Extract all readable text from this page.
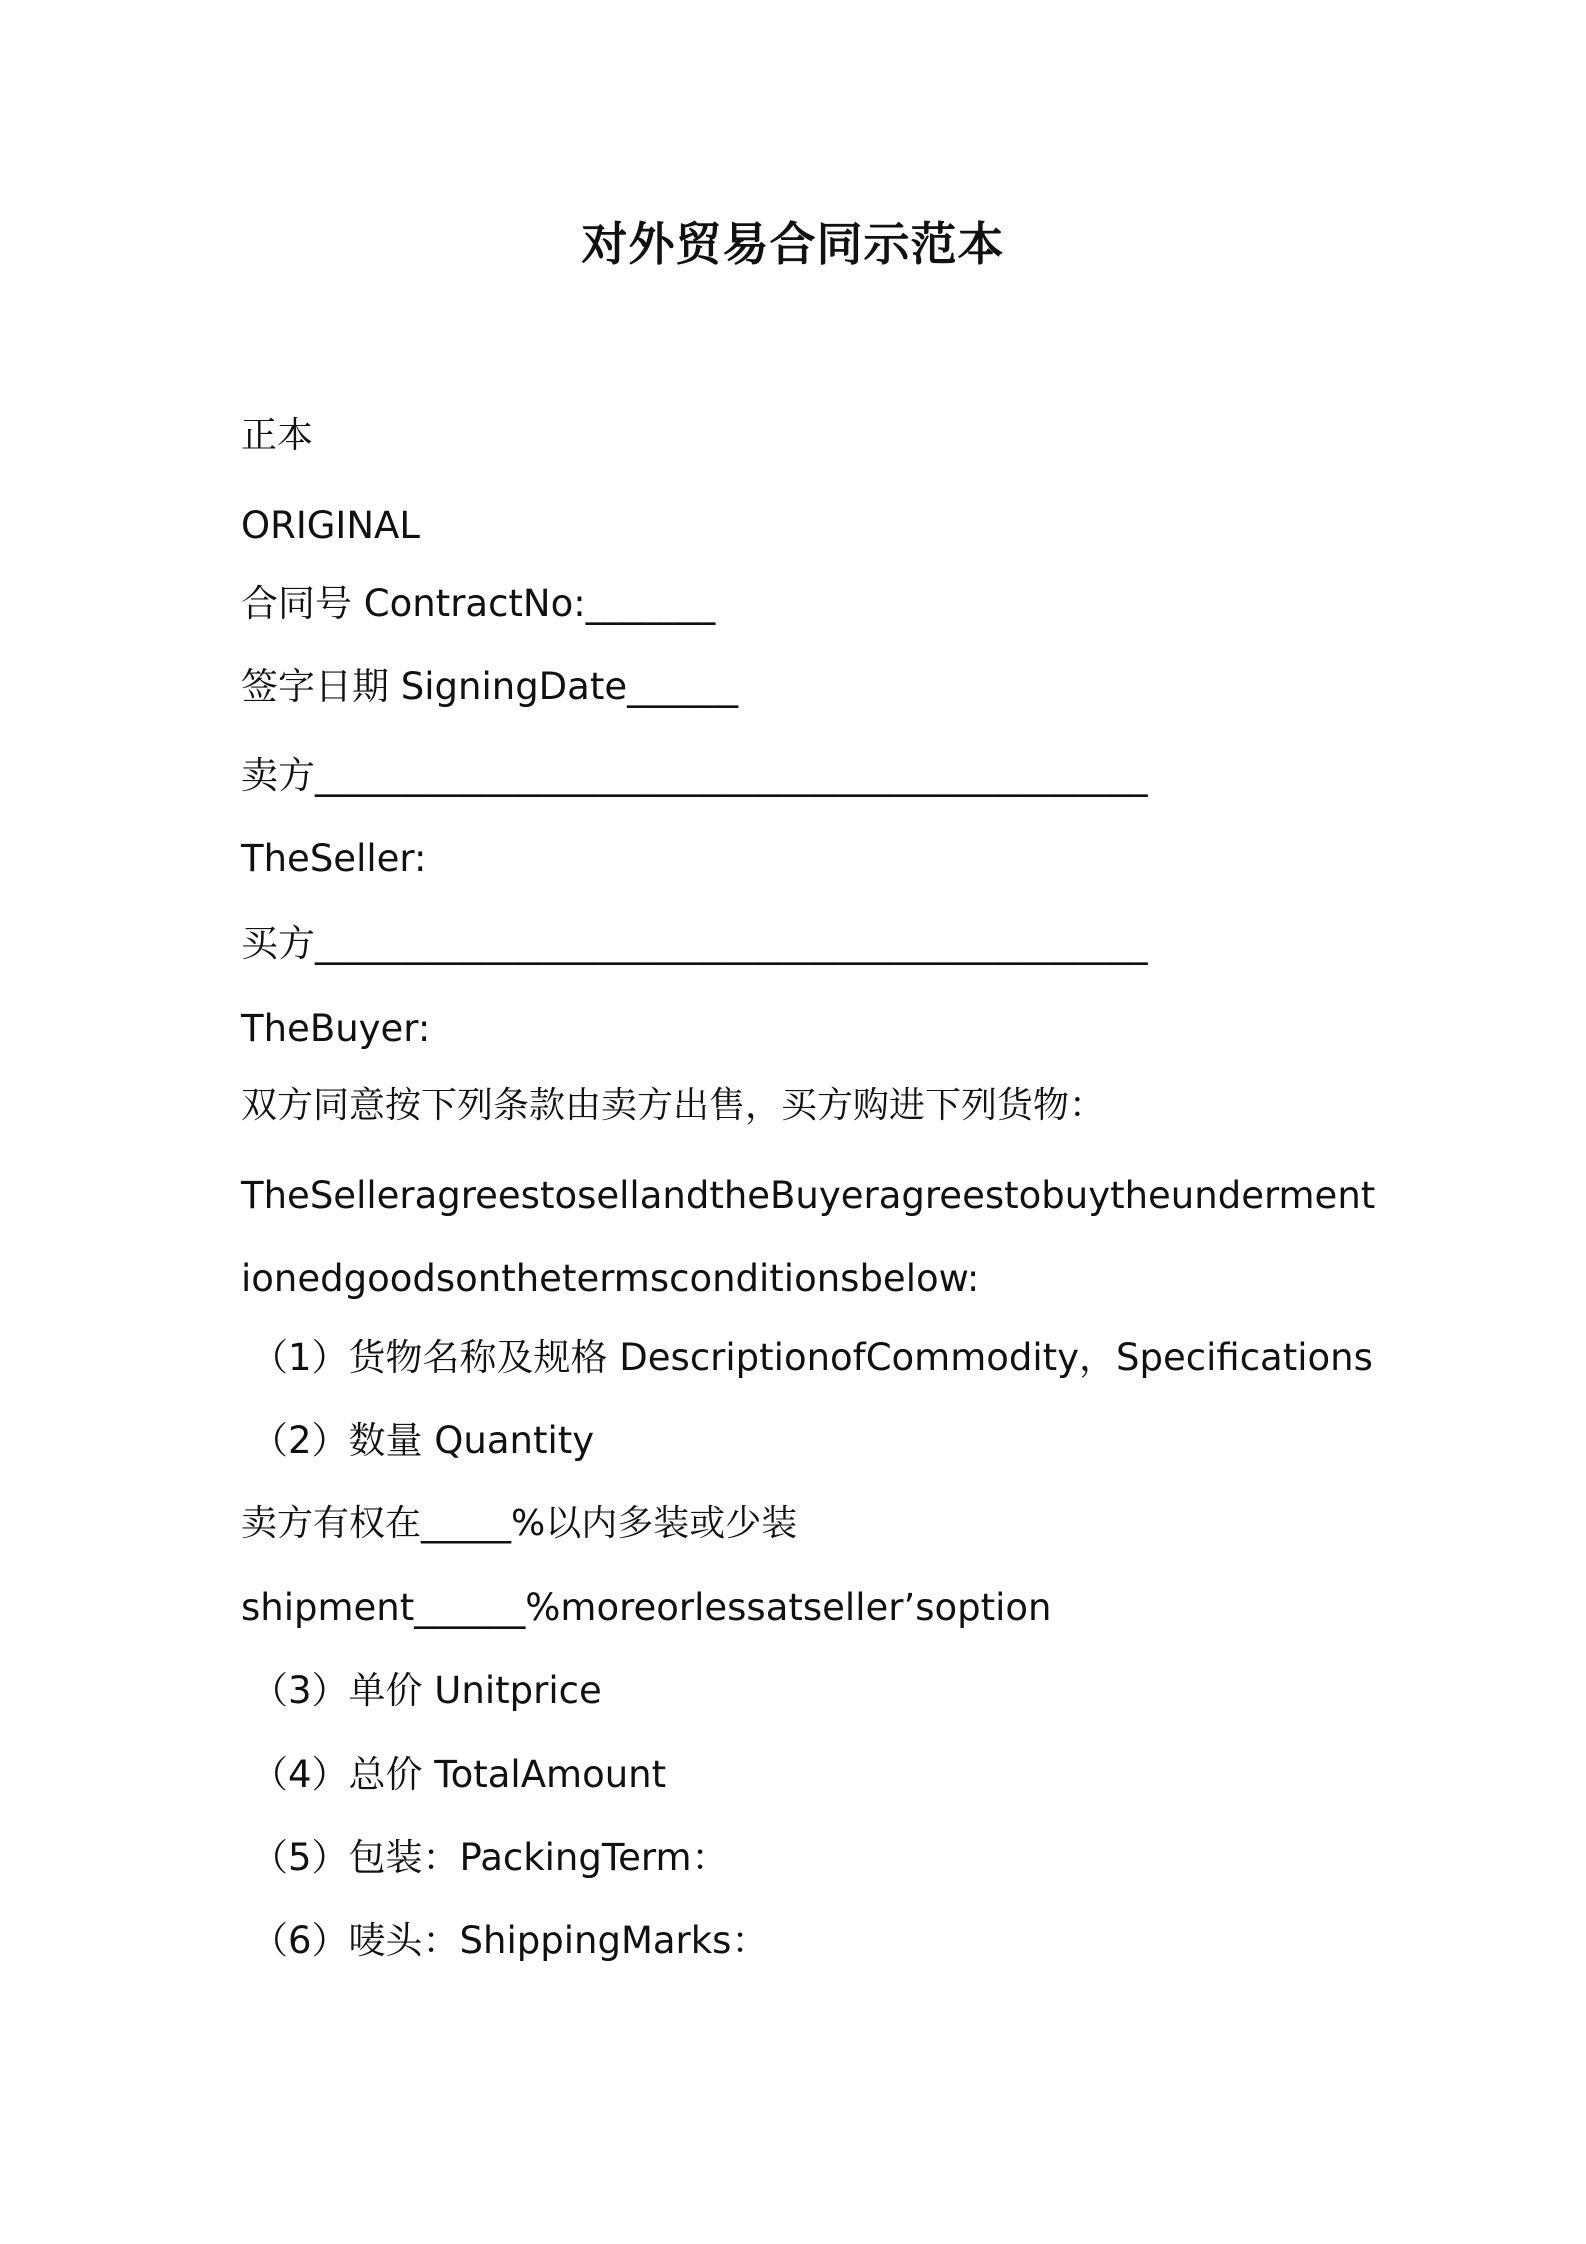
对外贸易合同示范本
正本
ORIGINAL
合同号 ContractNo:_______
签字日期 SigningDate______
卖方_____________________________________________
TheSeller:
买方_____________________________________________
TheBuyer:
双方同意按下列条款由卖方出售，买方购进下列货物：
TheSelleragreestosellandtheBuyeragreestobuytheunderment
ionedgoodsonthetermsconditionsbelow:
（1）货物名称及规格 DescriptionofCommodity，Specifications
（2）数量 Quantity
卖方有权在_____%以内多装或少装
shipment______%moreorlessatseller’soption
（3）单价 Unitprice
（4）总价 TotalAmount
（5）包装：PackingTerm：
（6）唛头：ShippingMarks：
